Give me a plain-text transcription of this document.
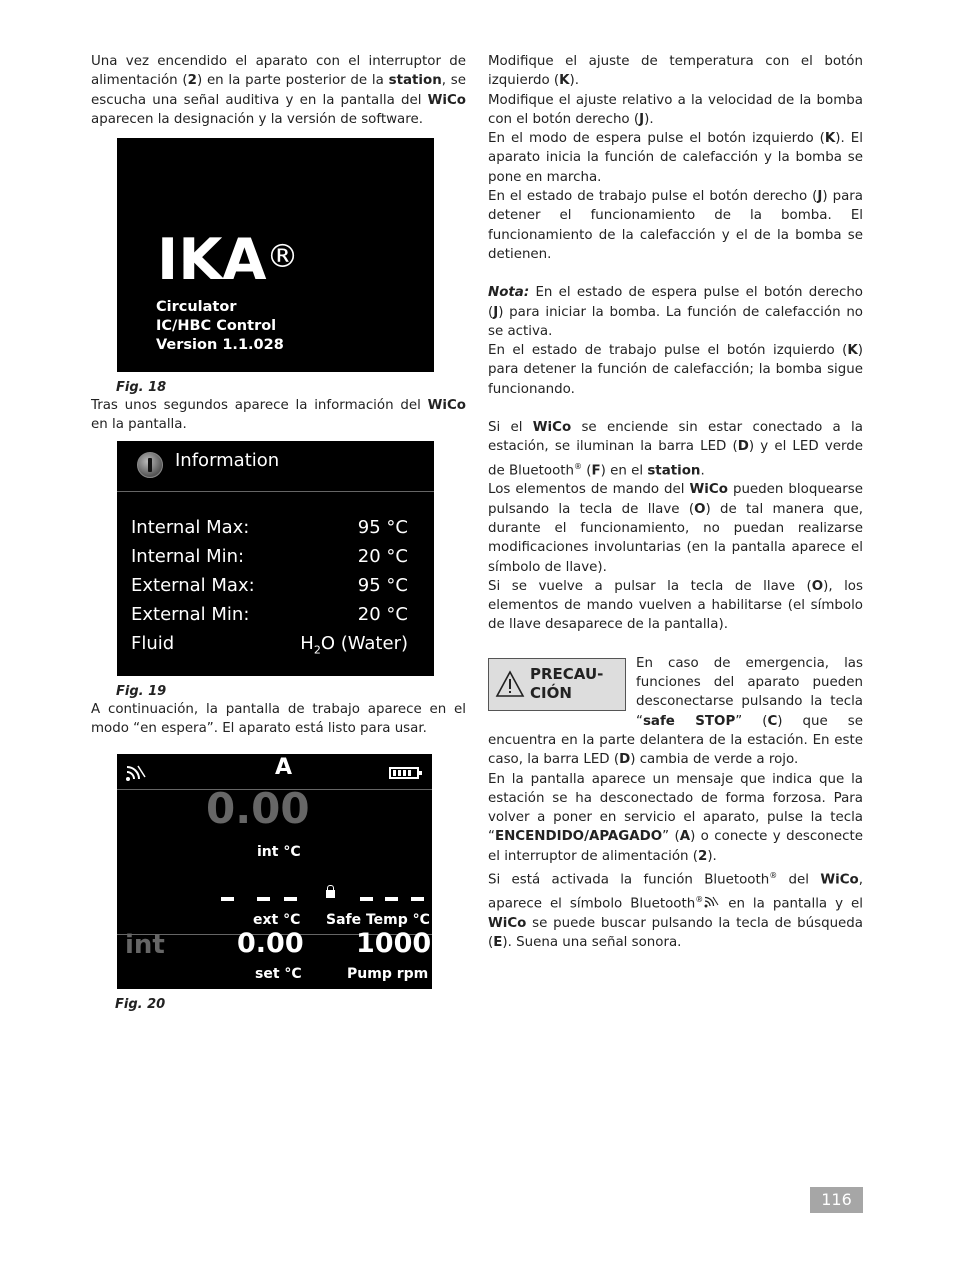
Una vez encendido el aparato con el interruptor de alimentación (2) en la parte posterior de la station, se escucha una señal auditiva y en la pantalla del WiCo aparecen la designación y la versión de software.

IKA®
Circulator
IC/HBC Control
Version 1.1.028
Fig. 18

Tras unos segundos aparece la información del WiCo en la pantalla.

Information
Internal Max:	95 °C
Internal Min:	20 °C
External Max:	95 °C
External Min:	20 °C
Fluid	$H_2O$ (Water)
Fig. 19

A continuación, la pantalla de trabajo aparece en el modo “en espera”. El aparato está listo para usar.

A
0.00
int °C
ext °C Safe Temp °C
int	0.00
set °C
1000
Pump rpm
Fig. 20

Modifique el ajuste de temperatura con el botón izquierdo (K).

Modifique el ajuste relativo a la velocidad de la bomba con el botón derecho (J).

En el modo de espera pulse el botón izquierdo (K). El aparato inicia la función de calefacción y la bomba se pone en marcha.

En el estado de trabajo pulse el botón derecho (J) para detener el funcionamiento de la bomba. El funcionamiento de la calefacción y el de la bomba se detienen.

Nota: En el estado de espera pulse el botón derecho (J) para iniciar la bomba. La función de calefacción no se activa.

En el estado de trabajo pulse el botón izquierdo (K) para detener la función de calefacción; la bomba sigue funcionando.

Si el WiCo se enciende sin estar conectado a la estación, se iluminan la barra LED (D) y el LED verde de Bluetooth® (F) en el station.

Los elementos de mando del WiCo pueden bloquearse pulsando la tecla de llave (O) de tal manera que, durante el funcionamiento, no puedan realizarse modificaciones involuntarias (en la pantalla aparece el símbolo de llave).

Si se vuelve a pulsar la tecla de llave (O), los elementos de mando vuelven a habilitarse (el símbolo de llave desaparece de la pantalla).

PRECAU-
CIÓN

En caso de emergencia, las funciones del aparato pueden desconectarse pulsando la tecla “safe STOP” (C) que se encuentra en la parte delantera de la estación. En este caso, la barra LED (D) cambia de verde a rojo.

En la pantalla aparece un mensaje que indica que la estación se ha desconectado de forma forzosa. Para volver a poner en servicio el aparato, pulse la tecla “ENCENDIDO/APAGADO” (A) o conecte y desconecte el interruptor de alimentación (2).

Si está activada la función Bluetooth® del WiCo, aparece el símbolo Bluetooth® en la pantalla y el WiCo se puede buscar pulsando la tecla de búsqueda (E). Suena una señal sonora.

116
